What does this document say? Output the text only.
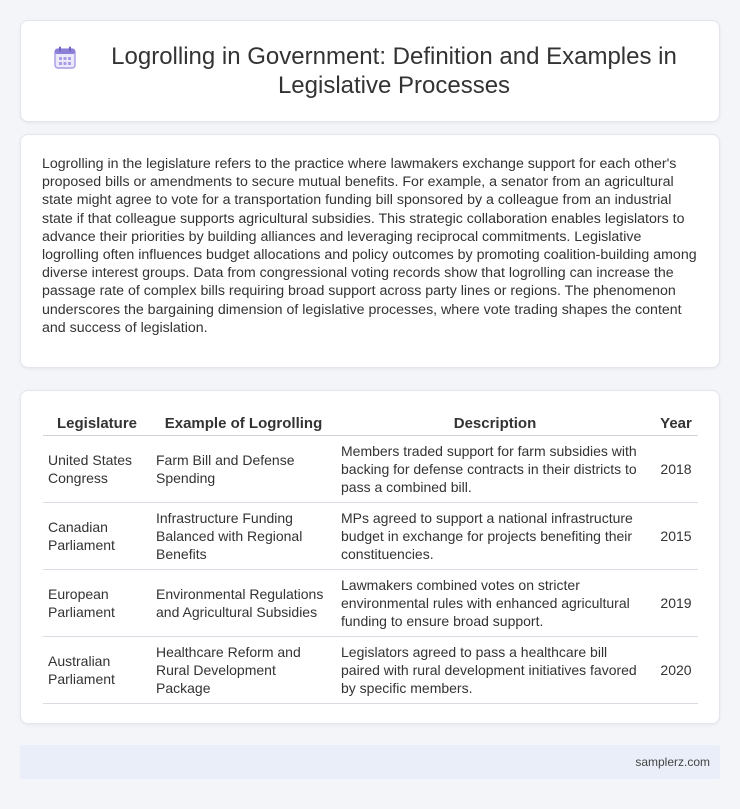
Logrolling in Government: Definition and Examples in Legislative Processes

Logrolling in the legislature refers to the practice where lawmakers exchange support for each other's proposed bills or amendments to secure mutual benefits. For example, a senator from an agricultural state might agree to vote for a transportation funding bill sponsored by a colleague from an industrial state if that colleague supports agricultural subsidies. This strategic collaboration enables legislators to advance their priorities by building alliances and leveraging reciprocal commitments. Legislative logrolling often influences budget allocations and policy outcomes by promoting coalition-building among diverse interest groups. Data from congressional voting records show that logrolling can increase the passage rate of complex bills requiring broad support across party lines or regions. The phenomenon underscores the bargaining dimension of legislative processes, where vote trading shapes the content and success of legislation.

Legislature	Example of Logrolling	Description	Year
United States Congress	Farm Bill and Defense Spending	Members traded support for farm subsidies with backing for defense contracts in their districts to pass a combined bill.	2018
Canadian Parliament	Infrastructure Funding Balanced with Regional Benefits	MPs agreed to support a national infrastructure budget in exchange for projects benefiting their constituencies.	2015
European Parliament	Environmental Regulations and Agricultural Subsidies	Lawmakers combined votes on stricter environmental rules with enhanced agricultural funding to ensure broad support.	2019
Australian Parliament	Healthcare Reform and Rural Development Package	Legislators agreed to pass a healthcare bill paired with rural development initiatives favored by specific members.	2020
samplerz.com
